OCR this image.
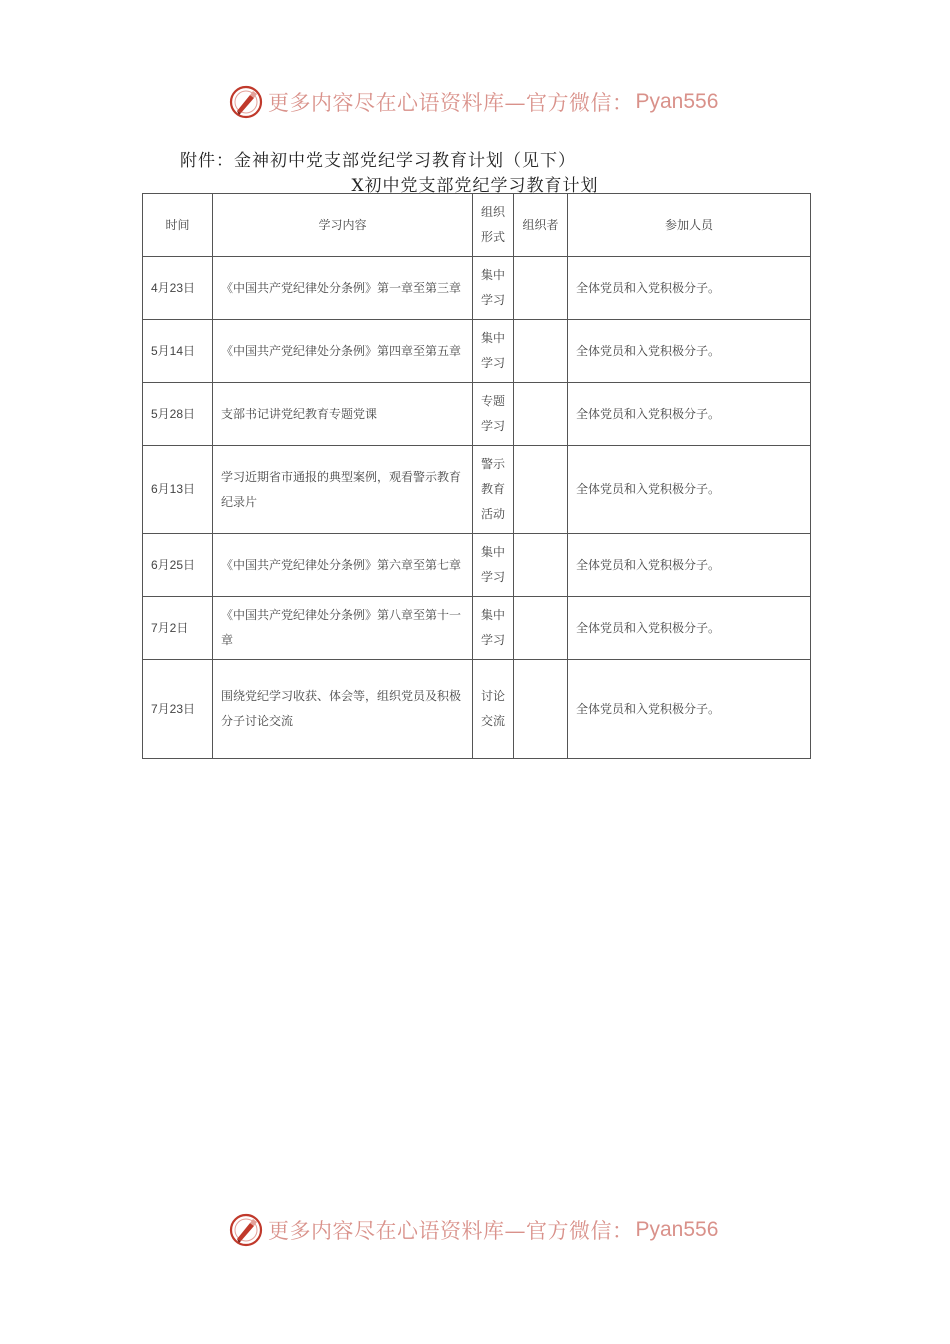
更多内容尽在心语资料库—官方微信： Pyan556
附件：金神初中党支部党纪学习教育计划（见下）
X初中党支部党纪学习教育计划
时间	学习内容	组织形式	组织者	参加人员
4月23日	《中国共产党纪律处分条例》第一章至第三章	集中学习		全体党员和入党积极分子。
5月14日	《中国共产党纪律处分条例》第四章至第五章	集中学习		全体党员和入党积极分子。
5月28日	支部书记讲党纪教育专题党课	专题学习		全体党员和入党积极分子。
6月13日	学习近期省市通报的典型案例，观看警示教育纪录片	警示教育活动		全体党员和入党积极分子。
6月25日	《中国共产党纪律处分条例》第六章至第七章	集中学习		全体党员和入党积极分子。
7月2日	《中国共产党纪律处分条例》第八章至第十一章	集中学习		全体党员和入党积极分子。
7月23日	围绕党纪学习收获、体会等，组织党员及积极分子讨论交流	讨论交流		全体党员和入党积极分子。
更多内容尽在心语资料库—官方微信： Pyan556
